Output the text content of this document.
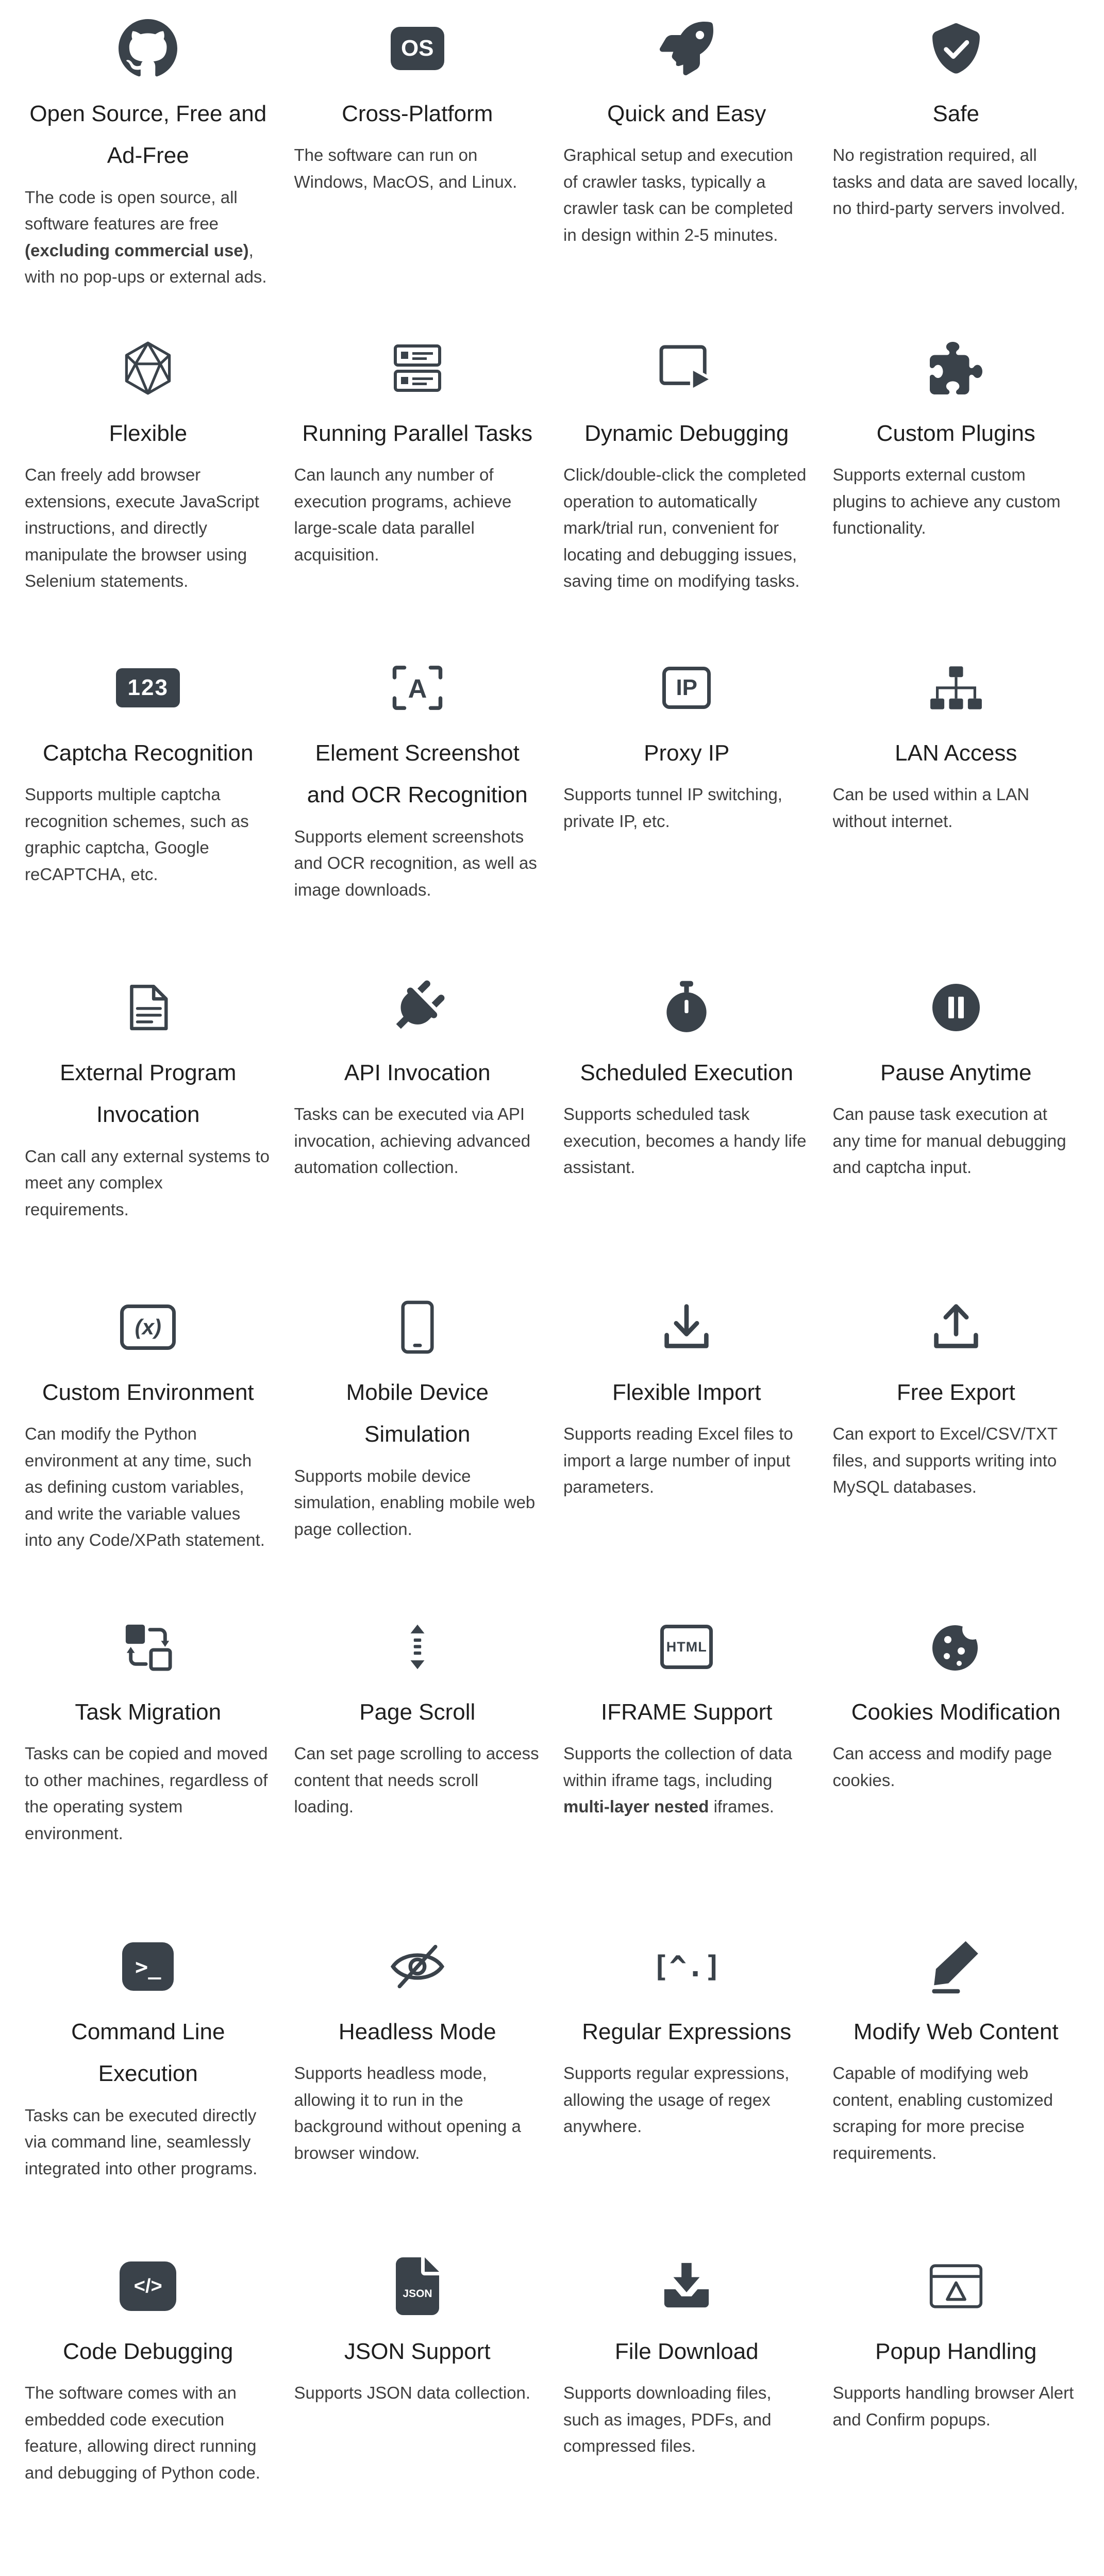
Open Source, Free and Ad-Free

The code is open source, all software features are free (excluding commercial use), with no pop-ups or external ads.

OS
Cross-Platform

The software can run on Windows, MacOS, and Linux.

Quick and Easy

Graphical setup and execution of crawler tasks, typically a crawler task can be completed in design within 2-5 minutes.

Safe

No registration required, all tasks and data are saved locally, no third-party servers involved.

Flexible

Can freely add browser extensions, execute JavaScript instructions, and directly manipulate the browser using Selenium statements.

Running Parallel Tasks

Can launch any number of execution programs, achieve large-scale data parallel acquisition.

Dynamic Debugging

Click/double-click the completed operation to automatically mark/trial run, convenient for locating and debugging issues, saving time on modifying tasks.

Custom Plugins

Supports external custom plugins to achieve any custom functionality.

123
Captcha Recognition

Supports multiple captcha recognition schemes, such as graphic captcha, Google reCAPTCHA, etc.

A
Element Screenshot and OCR Recognition

Supports element screenshots and OCR recognition, as well as image downloads.

IP
Proxy IP

Supports tunnel IP switching, private IP, etc.

LAN Access

Can be used within a LAN without internet.

External Program Invocation

Can call any external systems to meet any complex requirements.

API Invocation

Tasks can be executed via API invocation, achieving advanced automation collection.

Scheduled Execution

Supports scheduled task execution, becomes a handy life assistant.

Pause Anytime

Can pause task execution at any time for manual debugging and captcha input.

(x)
Custom Environment

Can modify the Python environment at any time, such as defining custom variables, and write the variable values into any Code/XPath statement.

Mobile Device Simulation

Supports mobile device simulation, enabling mobile web page collection.

Flexible Import

Supports reading Excel files to import a large number of input parameters.

Free Export

Can export to Excel/CSV/TXT files, and supports writing into MySQL databases.

Task Migration

Tasks can be copied and moved to other machines, regardless of the operating system environment.

Page Scroll

Can set page scrolling to access content that needs scroll loading.

HTML
IFRAME Support

Supports the collection of data within iframe tags, including multi-layer nested iframes.

Cookies Modification

Can access and modify page cookies.

>_
Command Line Execution

Tasks can be executed directly via command line, seamlessly integrated into other programs.

Headless Mode

Supports headless mode, allowing it to run in the background without opening a browser window.

[^.]
Regular Expressions

Supports regular expressions, allowing the usage of regex anywhere.

Modify Web Content

Capable of modifying web content, enabling customized scraping for more precise requirements.

</>
Code Debugging

The software comes with an embedded code execution feature, allowing direct running and debugging of Python code.

JSON
JSON Support

Supports JSON data collection.

File Download

Supports downloading files, such as images, PDFs, and compressed files.

Popup Handling

Supports handling browser Alert and Confirm popups.
